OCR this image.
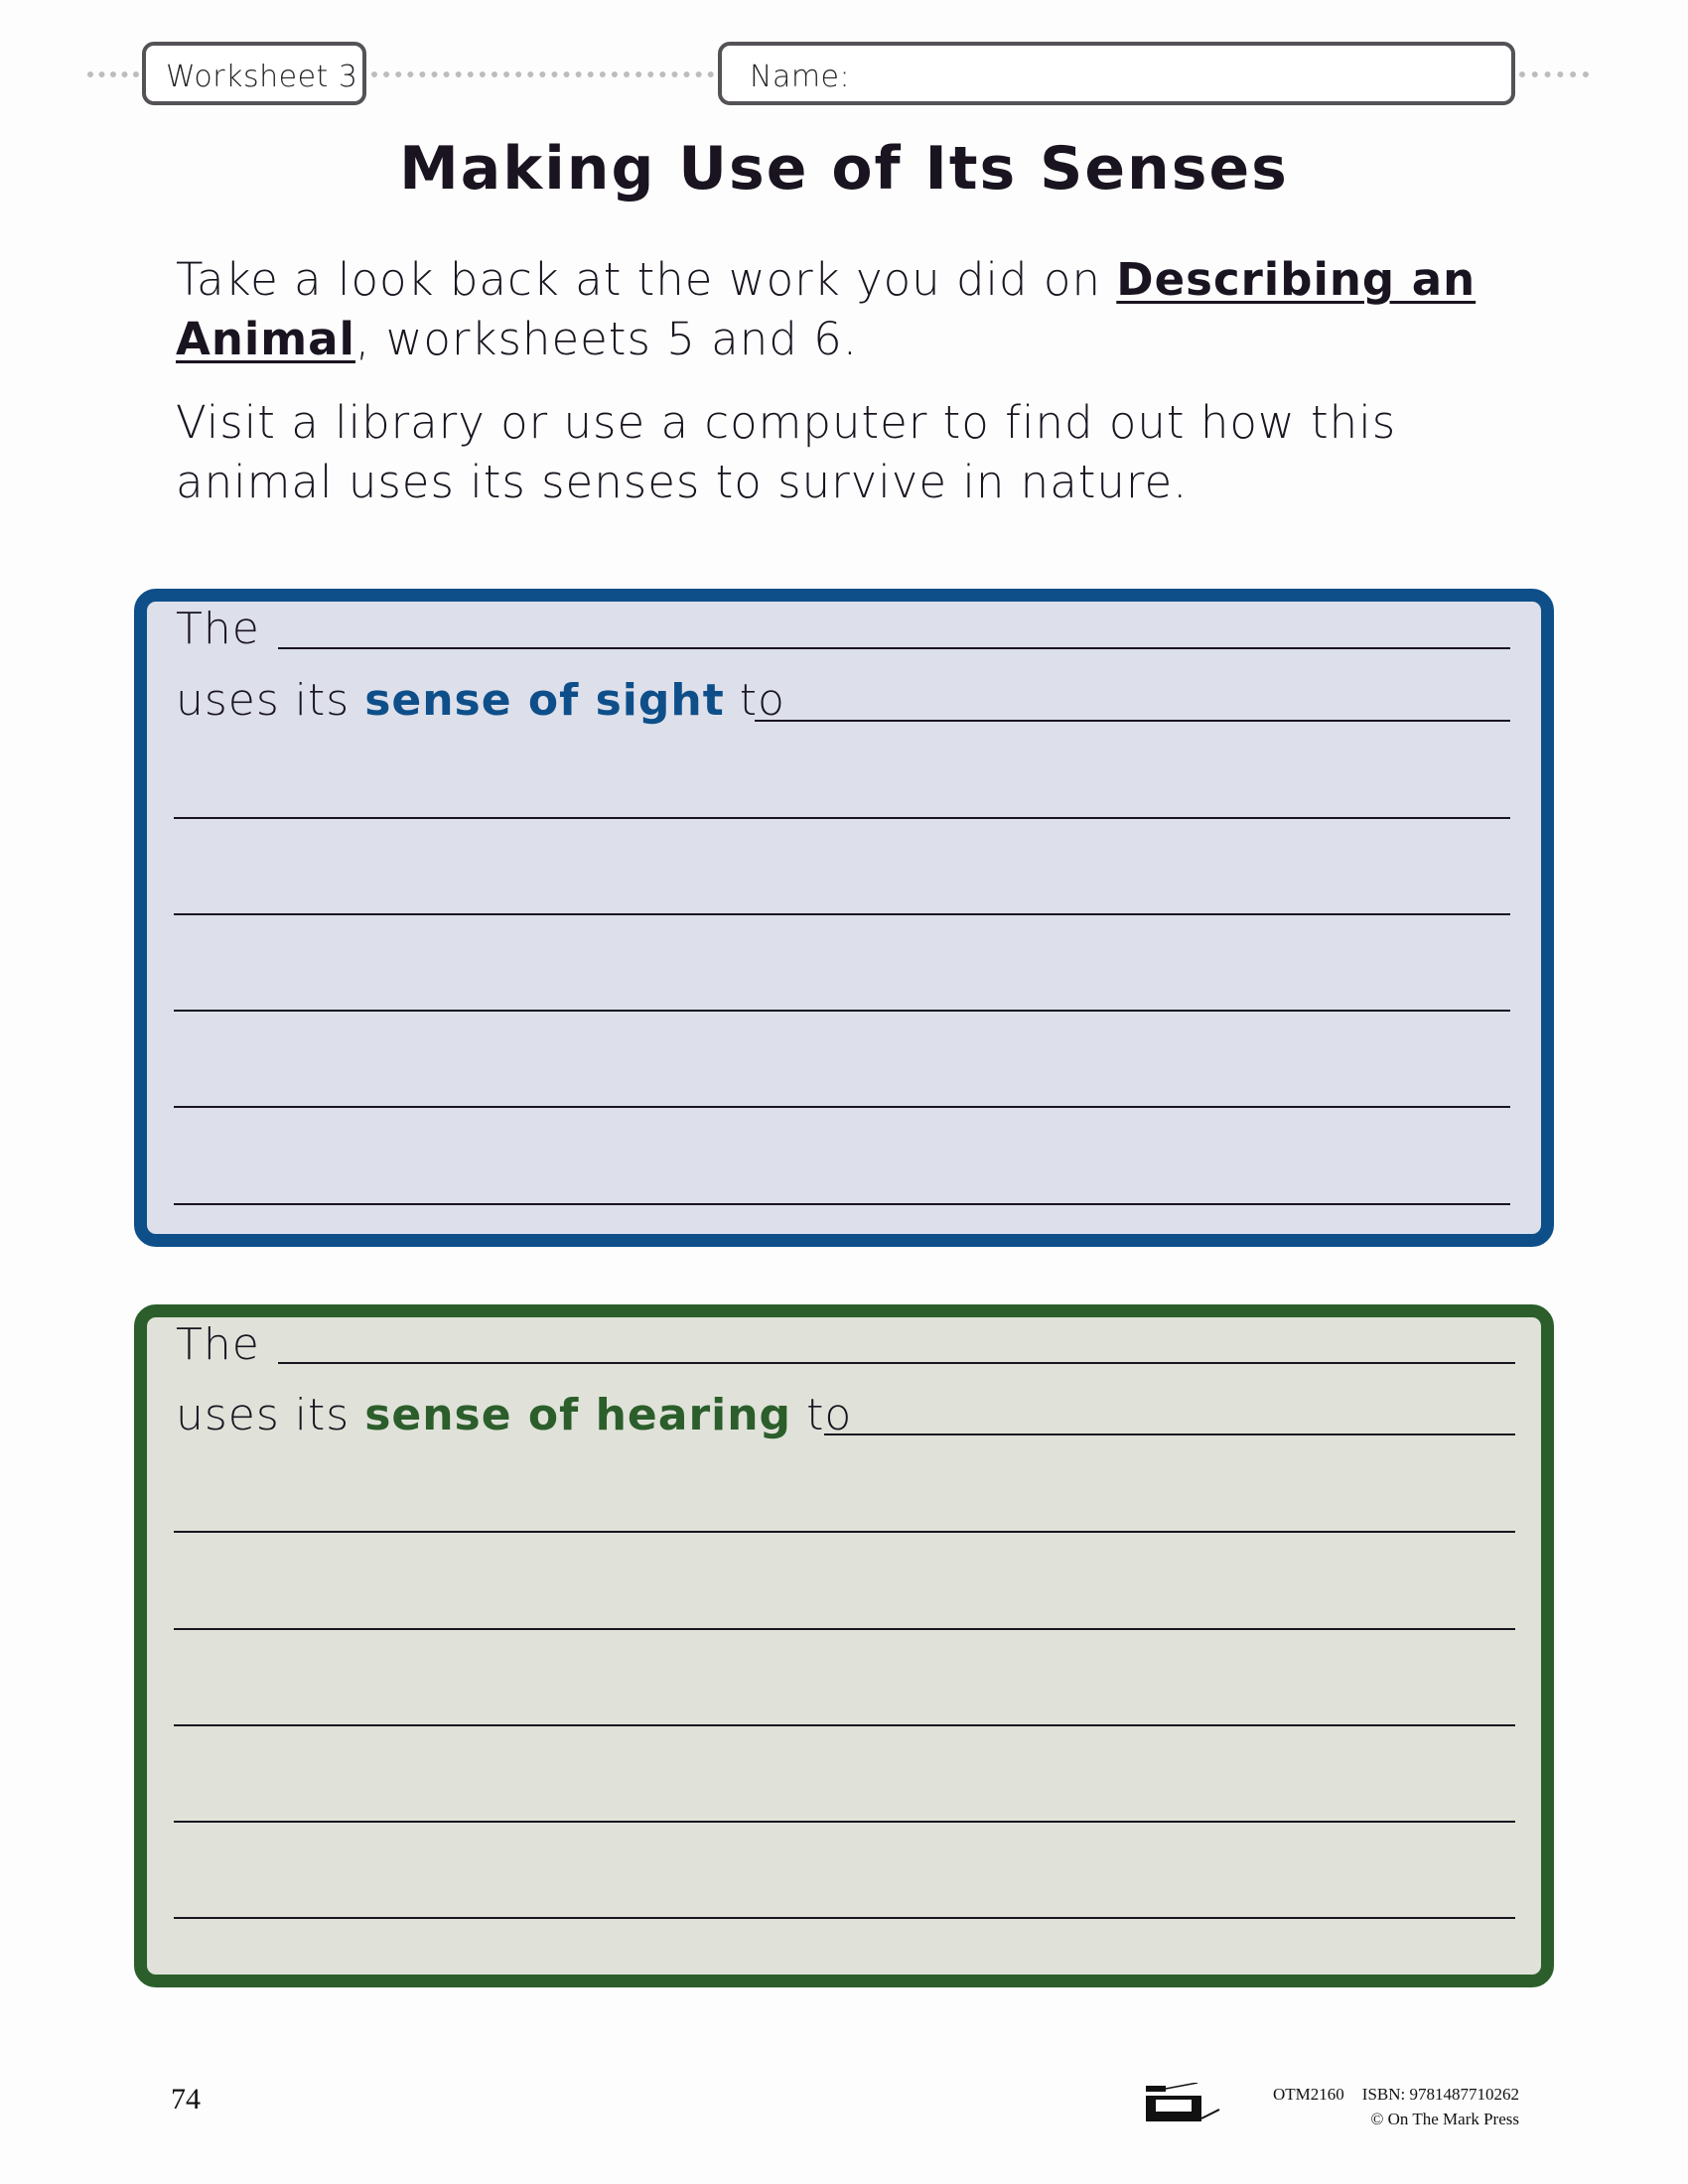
Worksheet 3	Name:
Making Use of Its Senses
Take a look back at the work you did on Describing an Animal, worksheets 5 and 6.
Visit a library or use a computer to find out how this animal uses its senses to survive in nature.
The
uses its sense of sight to
The
uses its sense of hearing to
74	OTM2160 ISBN: 9781487710262
© On The Mark Press
